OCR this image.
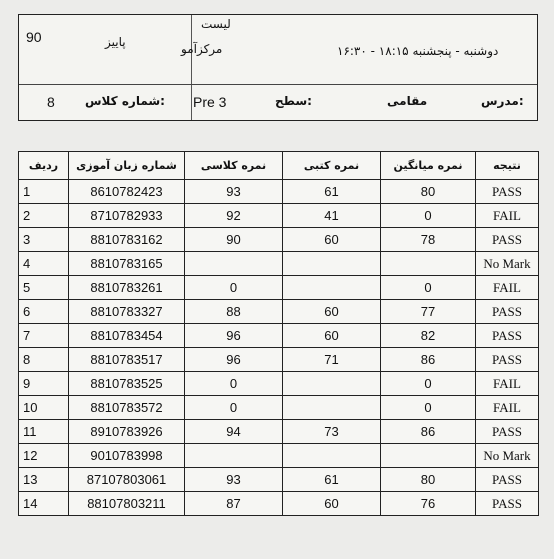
90	پاییز
لیست
مرکزآمو	دوشنبه - پنجشنبه ۱۸:۱۵ - ۱۶:۳۰
8	شماره کلاس: Pre 3	سطح:	مقامی	مدرس:
ردیف	شماره زبان آموزی	نمره کلاسی	نمره کتبی	نمره میانگین	نتیجه
1	8610782423	93	61	80	PASS
2	8710782933	92	41	0	FAIL
3	8810783162	90	60	78	PASS
4	8810783165				No Mark
5	8810783261	0		0	FAIL
6	8810783327	88	60	77	PASS
7	8810783454	96	60	82	PASS
8	8810783517	96	71	86	PASS
9	8810783525	0		0	FAIL
10	8810783572	0		0	FAIL
11	8910783926	94	73	86	PASS
12	9010783998				No Mark
13	87107803061	93	61	80	PASS
14	88107803211	87	60	76	PASS
